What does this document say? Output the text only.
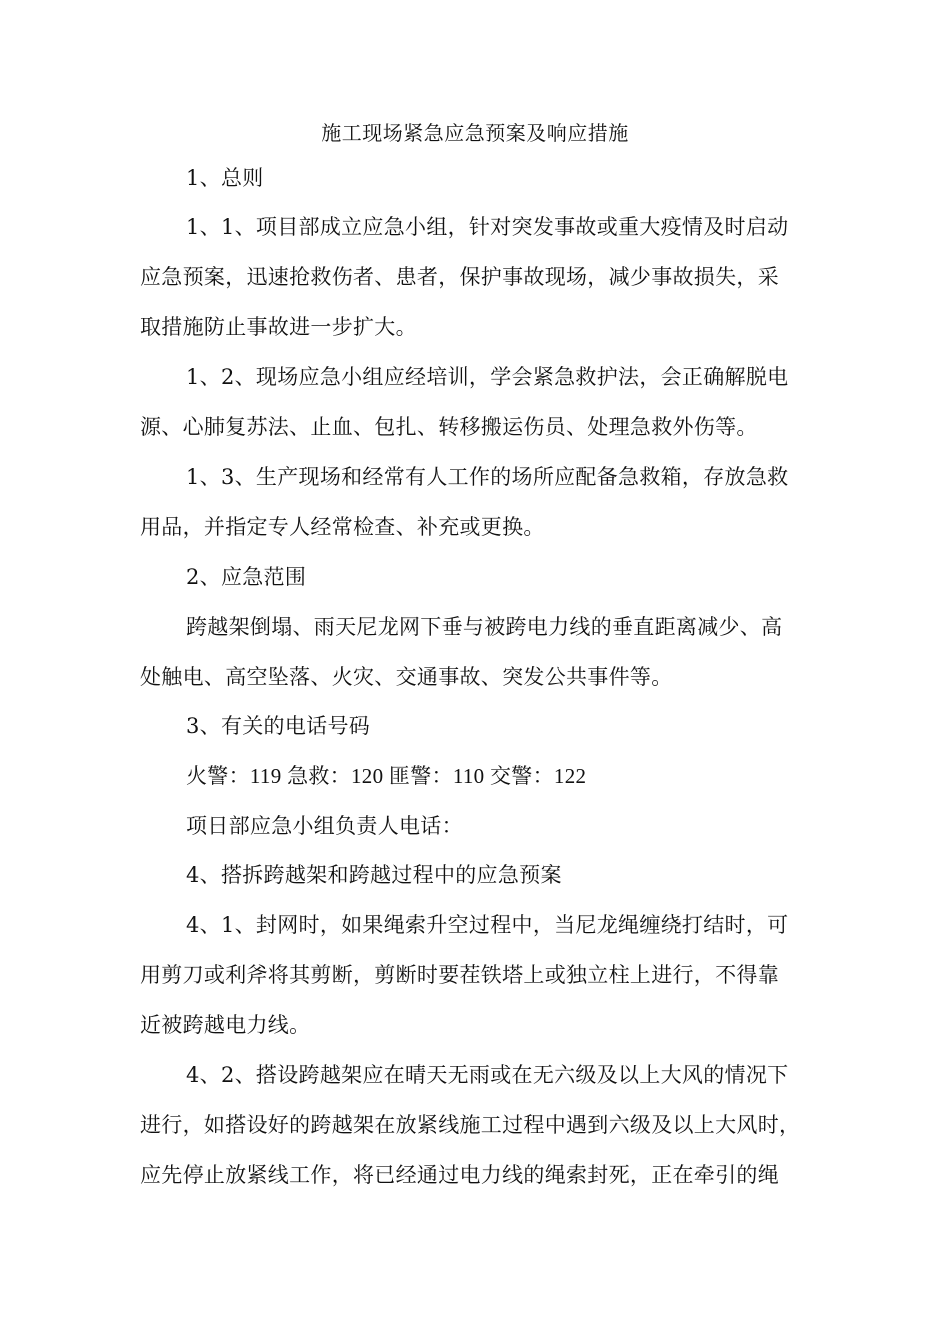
施工现场紧急应急预案及响应措施
1、总则
1、1、项目部成立应急小组，针对突发事故或重大疫情及时启动
应急预案，迅速抢救伤者、患者，保护事故现场，减少事故损失，采
取措施防止事故进一步扩大。
1、2、现场应急小组应经培训，学会紧急救护法，会正确解脱电
源、心肺复苏法、止血、包扎、转移搬运伤员、处理急救外伤等。
1、3、生产现场和经常有人工作的场所应配备急救箱，存放急救
用品，并指定专人经常检查、补充或更换。
2、应急范围
跨越架倒塌、雨天尼龙网下垂与被跨电力线的垂直距离减少、高
处触电、高空坠落、火灾、交通事故、突发公共事件等。
3、有关的电话号码
火警：119 急救：120 匪警：110 交警：122
项日部应急小组负责人电话：
4、搭拆跨越架和跨越过程中的应急预案
4、1、封网时，如果绳索升空过程中，当尼龙绳缠绕打结时，可
用剪刀或利斧将其剪断，剪断时要茬铁塔上或独立柱上进行，不得靠
近被跨越电力线。
4、2、搭设跨越架应在晴天无雨或在无六级及以上大风的情况下
进行，如搭设好的跨越架在放紧线施工过程中遇到六级及以上大风时，
应先停止放紧线工作，将已经通过电力线的绳索封死，正在牵引的绳
